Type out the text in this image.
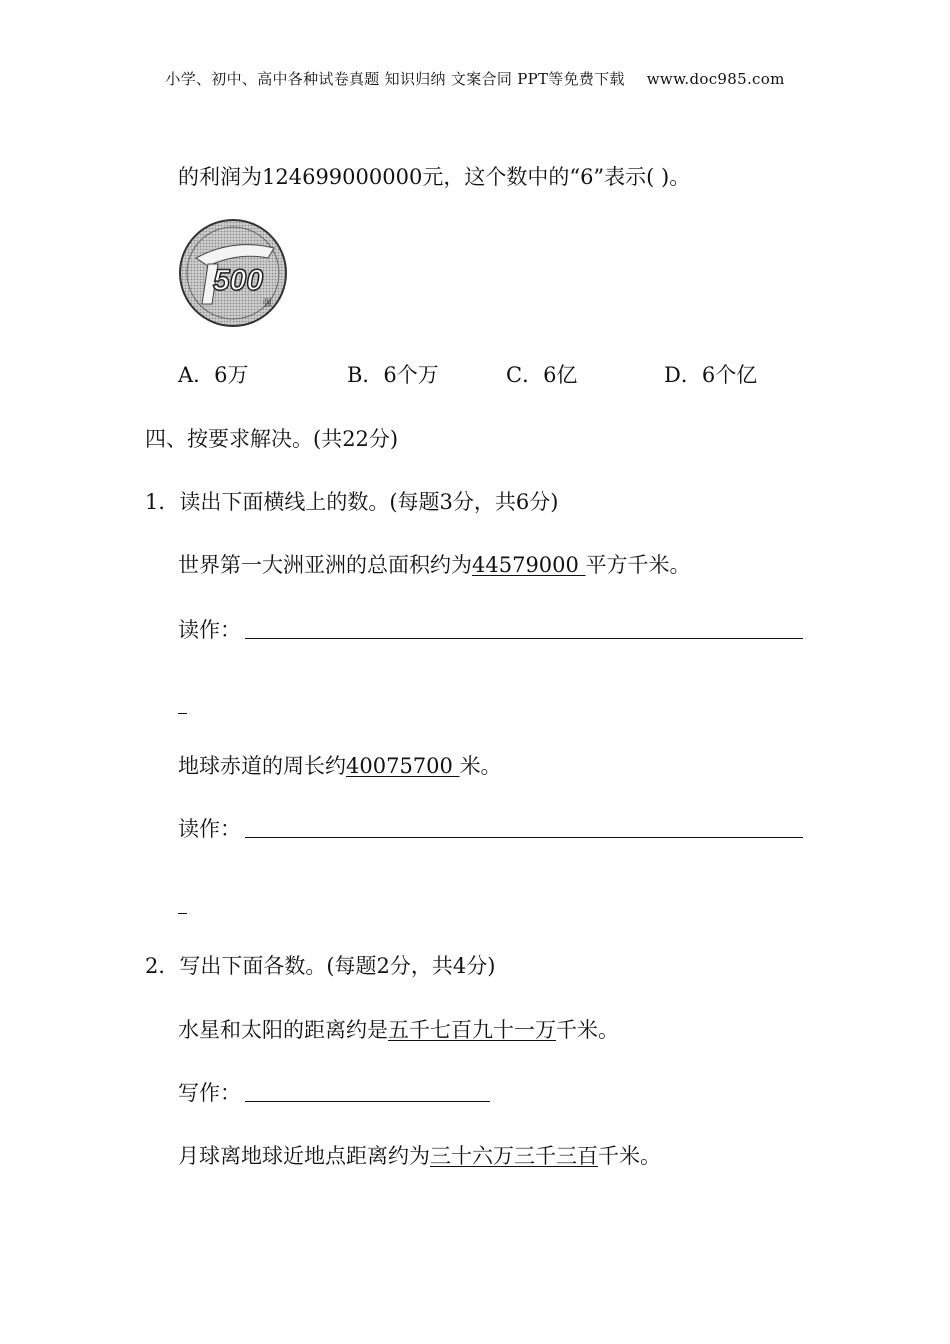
小学、初中、高中各种试卷真题 知识归纳 文案合同 PPT等免费下载 www.doc985.com
的利润为124699000000元，这个数中的“6”表示( )。
500
强
A．6万	B．6个万	C．6亿	D．6个亿
四、按要求解决。(共22分)
1．读出下面横线上的数。(每题3分，共6分)
世界第一大洲亚洲的总面积约为44579000 平方千米。
读作：
地球赤道的周长约40075700 米。
读作：
2．写出下面各数。(每题2分，共4分)
水星和太阳的距离约是五千七百九十一万千米。
写作：
月球离地球近地点距离约为三十六万三千三百千米。
